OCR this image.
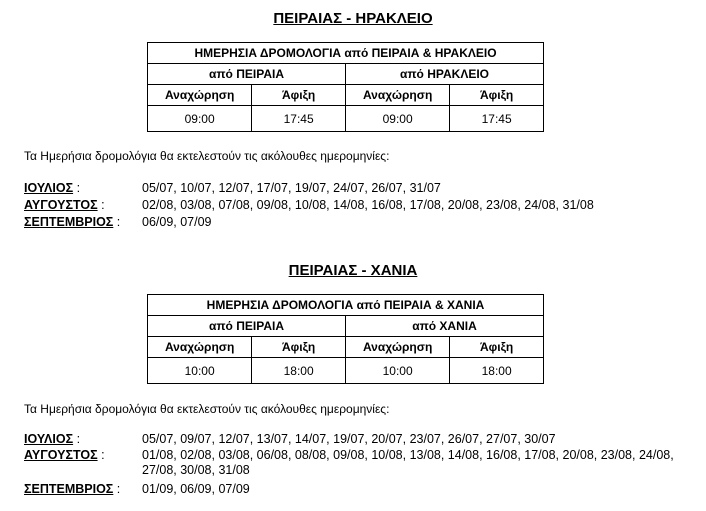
ΠΕΙΡΑΙΑΣ - ΗΡΑΚΛΕΙΟ
ΗΜΕΡΗΣΙΑ ΔΡΟΜΟΛΟΓΙΑ από ΠΕΙΡΑΙΑ & ΗΡΑΚΛΕΙΟ			
από ΠΕΙΡΑΙΑ		από ΗΡΑΚΛΕΙΟ	
Αναχώρηση	Άφιξη	Αναχώρηση	Άφιξη
09:00	17:45	09:00	17:45
Τα Ημερήσια δρομολόγια θα εκτελεστούν τις ακόλουθες ημερομηνίες:
ΙΟΥΛΙΟΣ :	05/07, 10/07, 12/07, 17/07, 19/07, 24/07, 26/07, 31/07
ΑΥΓΟΥΣΤΟΣ :	02/08, 03/08, 07/08, 09/08, 10/08, 14/08, 16/08, 17/08, 20/08, 23/08, 24/08, 31/08
ΣΕΠΤΕΜΒΡΙΟΣ : 06/09, 07/09
ΠΕΙΡΑΙΑΣ - ΧΑΝΙΑ
ΗΜΕΡΗΣΙΑ ΔΡΟΜΟΛΟΓΙΑ από ΠΕΙΡΑΙΑ & ΧΑΝΙΑ			
από ΠΕΙΡΑΙΑ		από ΧΑΝΙΑ	
Αναχώρηση	Άφιξη	Αναχώρηση	Άφιξη
10:00	18:00	10:00	18:00
Τα Ημερήσια δρομολόγια θα εκτελεστούν τις ακόλουθες ημερομηνίες:
ΙΟΥΛΙΟΣ :	05/07, 09/07, 12/07, 13/07, 14/07, 19/07, 20/07, 23/07, 26/07, 27/07, 30/07
ΑΥΓΟΥΣΤΟΣ :	01/08, 02/08, 03/08, 06/08, 08/08, 09/08, 10/08, 13/08, 14/08, 16/08, 17/08, 20/08, 23/08, 24/08, 27/08, 30/08, 31/08
ΣΕΠΤΕΜΒΡΙΟΣ : 01/09, 06/09, 07/09
